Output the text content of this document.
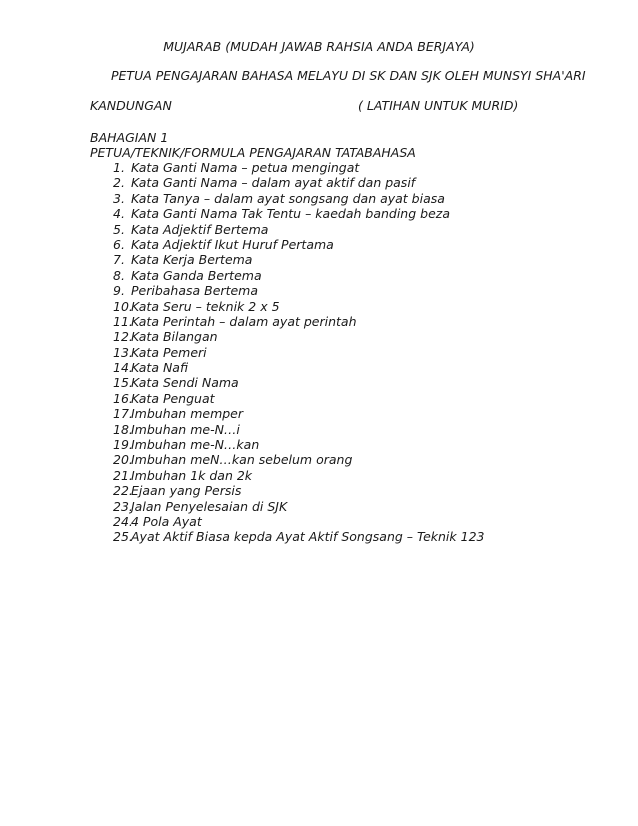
MUJARAB (MUDAH JAWAB RAHSIA ANDA BERJAYA)
PETUA PENGAJARAN BAHASA MELAYU DI SK DAN SJK OLEH MUNSYI SHA'ARI
KANDUNGAN	( LATIHAN UNTUK MURID)
BAHAGIAN 1
PETUA/TEKNIK/FORMULA PENGAJARAN TATABAHASA
1. Kata Ganti Nama – petua mengingat
2. Kata Ganti Nama – dalam ayat aktif dan pasif
3. Kata Tanya – dalam ayat songsang dan ayat biasa
4. Kata Ganti Nama Tak Tentu – kaedah banding beza
5. Kata Adjektif Bertema
6. Kata Adjektif Ikut Huruf Pertama
7. Kata Kerja Bertema
8. Kata Ganda Bertema
9. Peribahasa Bertema
10.
Kata Seru – teknik 2 x 5
11.
Kata Perintah – dalam ayat perintah
12.
Kata Bilangan
13.
Kata Pemeri
14.
Kata Nafi
15.
Kata Sendi Nama
16.
Kata Penguat
17.
Imbuhan memper
18.
Imbuhan me-N…i
19.
Imbuhan me-N…kan
20.
Imbuhan meN…kan sebelum orang
21.
Imbuhan 1k dan 2k
22.
Ejaan yang Persis
23.
Jalan Penyelesaian di SJK
24.
4 Pola Ayat
25.
Ayat Aktif Biasa kepda Ayat Aktif Songsang – Teknik 123
